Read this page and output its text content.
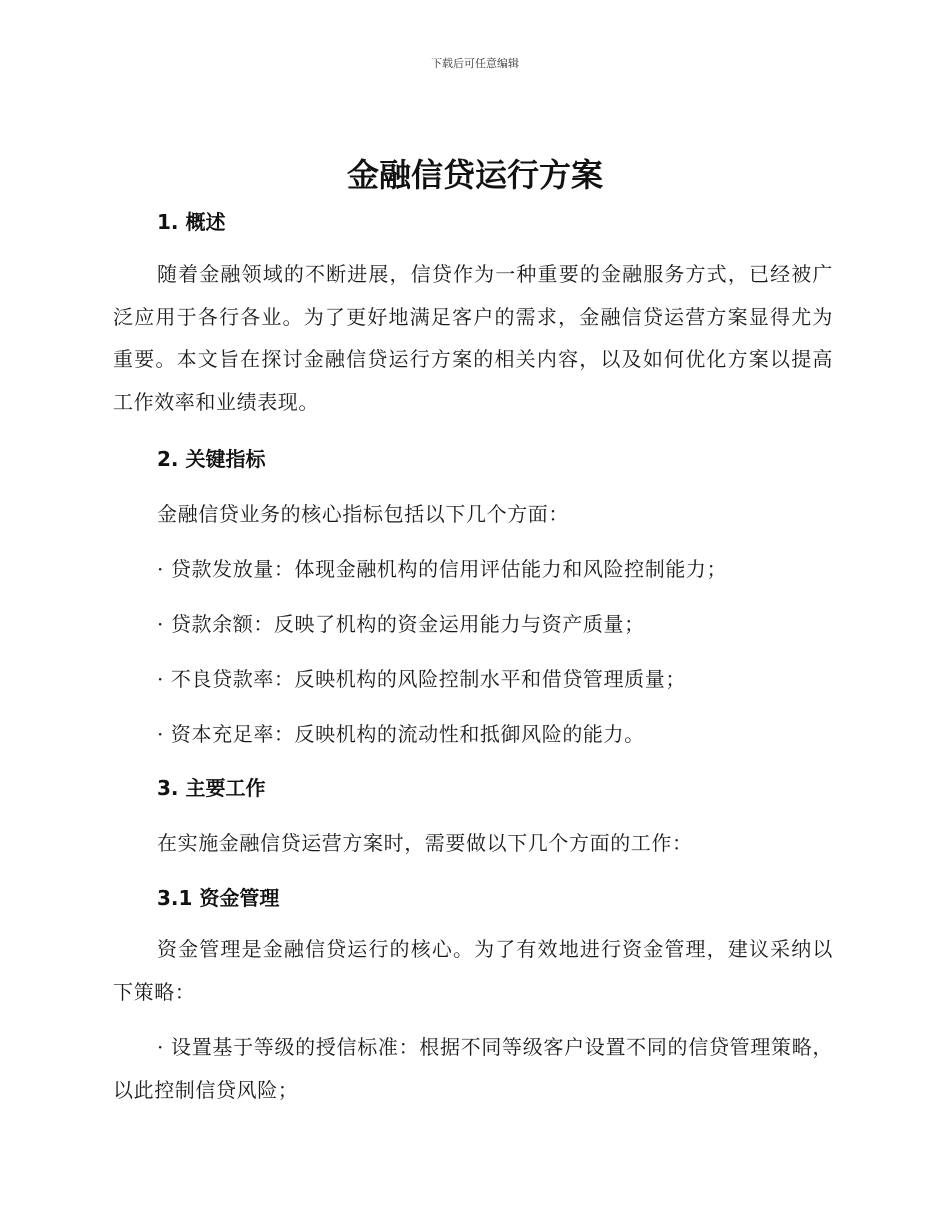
下载后可任意编辑
金融信贷运行方案
1. 概述

随着金融领域的不断进展，信贷作为一种重要的金融服务方式，已经被广泛应用于各行各业。为了更好地满足客户的需求，金融信贷运营方案显得尤为重要。本文旨在探讨金融信贷运行方案的相关内容，以及如何优化方案以提高工作效率和业绩表现。

2. 关键指标

金融信贷业务的核心指标包括以下几个方面：

· 贷款发放量：体现金融机构的信用评估能力和风险控制能力；

· 贷款余额：反映了机构的资金运用能力与资产质量；

· 不良贷款率：反映机构的风险控制水平和借贷管理质量；

· 资本充足率：反映机构的流动性和抵御风险的能力。

3. 主要工作

在实施金融信贷运营方案时，需要做以下几个方面的工作：

3.1 资金管理

资金管理是金融信贷运行的核心。为了有效地进行资金管理，建议采纳以下策略：

· 设置基于等级的授信标准：根据不同等级客户设置不同的信贷管理策略，以此控制信贷风险；
